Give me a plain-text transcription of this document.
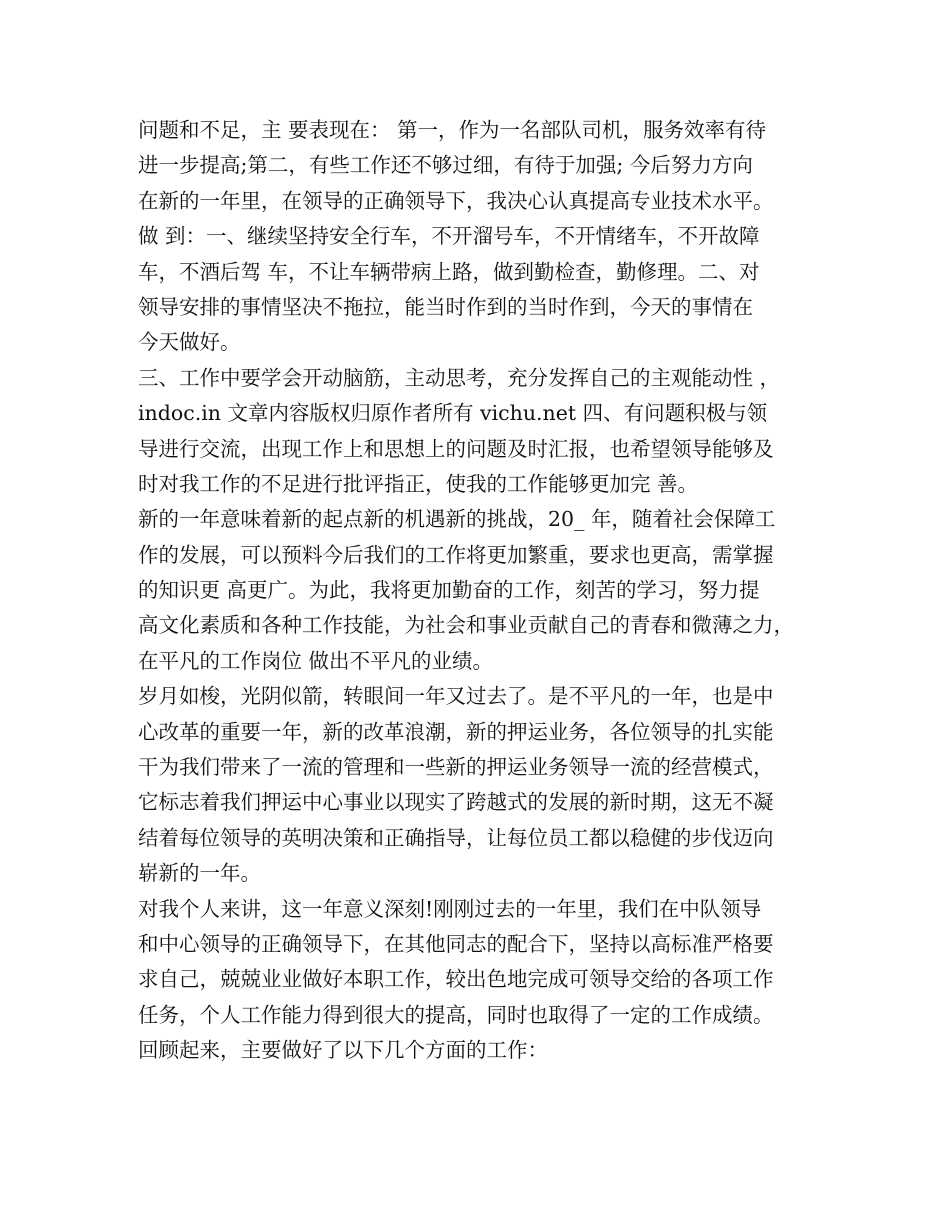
问题和不足，主 要表现在： 第一，作为一名部队司机，服务效率有待
进一步提高;第二，有些工作还不够过细，有待于加强; 今后努力方向
在新的一年里，在领导的正确领导下，我决心认真提高专业技术水平。
做 到：一、继续坚持安全行车，不开溜号车，不开情绪车，不开故障
车，不酒后驾 车，不让车辆带病上路，做到勤检查，勤修理。二、对
领导安排的事情坚决不拖拉，能当时作到的当时作到，今天的事情在
今天做好。
三、工作中要学会开动脑筋，主动思考，充分发挥自己的主观能动性 ，
indoc.in 文章内容版权归原作者所有 vichu.net 四、有问题积极与领
导进行交流，出现工作上和思想上的问题及时汇报，也希望领导能够及
时对我工作的不足进行批评指正，使我的工作能够更加完 善。
新的一年意味着新的起点新的机遇新的挑战，20_ 年，随着社会保障工
作的发展，可以预料今后我们的工作将更加繁重，要求也更高，需掌握
的知识更 高更广。为此，我将更加勤奋的工作，刻苦的学习，努力提
高文化素质和各种工作技能，为社会和事业贡献自己的青春和微薄之力，
在平凡的工作岗位 做出不平凡的业绩。
岁月如梭，光阴似箭，转眼间一年又过去了。是不平凡的一年，也是中
心改革的重要一年，新的改革浪潮，新的押运业务，各位领导的扎实能
干为我们带来了一流的管理和一些新的押运业务领导一流的经营模式，
它标志着我们押运中心事业以现实了跨越式的发展的新时期，这无不凝
结着每位领导的英明决策和正确指导，让每位员工都以稳健的步伐迈向
崭新的一年。
对我个人来讲，这一年意义深刻!刚刚过去的一年里，我们在中队领导
和中心领导的正确领导下，在其他同志的配合下，坚持以高标准严格要
求自己，兢兢业业做好本职工作，较出色地完成可领导交给的各项工作
任务，个人工作能力得到很大的提高，同时也取得了一定的工作成绩。
回顾起来，主要做好了以下几个方面的工作：
